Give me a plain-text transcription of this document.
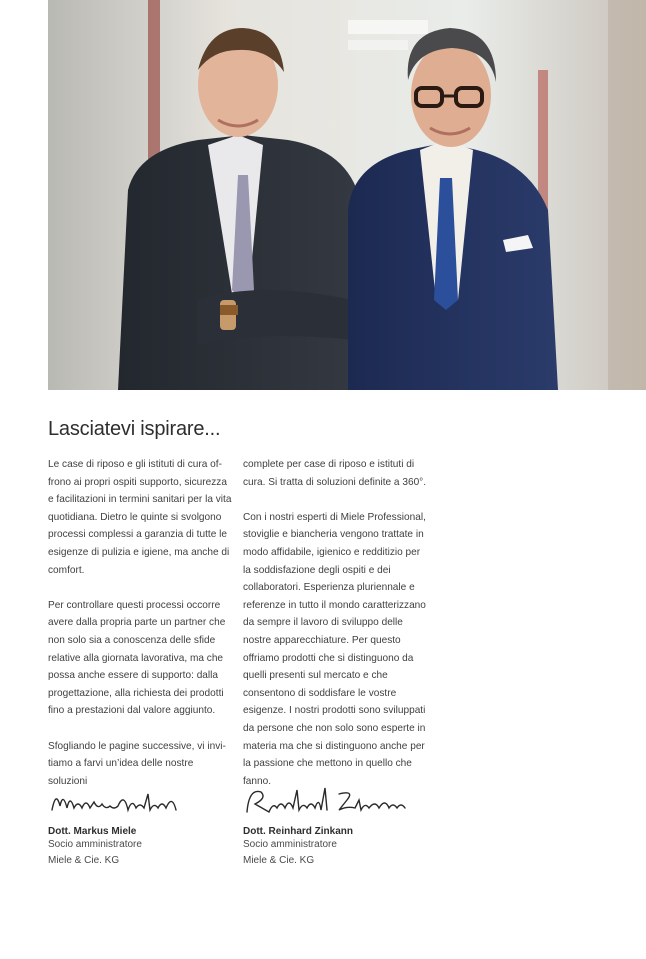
Lasciatevi ispirare...

Le case di riposo e gli istituti di cura offrono ai propri ospiti supporto, sicurezza e facilitazioni in termini sanitari per la vita quotidiana. Dietro le quinte si svolgono processi complessi a garanzia di tutte le esigenze di pulizia e igiene, ma anche di comfort.

Per controllare questi processi occorre avere dalla propria parte un partner che non solo sia a conoscenza delle sfide relative alla giornata lavorativa, ma che possa anche essere di supporto: dalla progettazione, alla richiesta dei prodotti fino a prestazioni dal valore aggiunto.

Sfogliando le pagine successive, vi invitiamo a farvi un’idea delle nostre soluzioni

complete per case di riposo e istituti di cura. Si tratta di soluzioni definite a 360°.

Con i nostri esperti di Miele Professional, stoviglie e biancheria vengono trattate in modo affidabile, igienico e redditizio per la soddisfazione degli ospiti e dei collaboratori. Esperienza pluriennale e referenze in tutto il mondo caratterizzano da sempre il lavoro di sviluppo delle nostre apparecchiature. Per questo offriamo prodotti che si distinguono da quelli presenti sul mercato e che consentono di soddisfare le vostre esigenze. I nostri prodotti sono sviluppati da persone che non solo sono esperte in materia ma che si distinguono anche per la passione che mettono in quello che fanno.

Dott. Markus Miele
Socio amministratore
Miele & Cie. KG
Dott. Reinhard Zinkann
Socio amministratore
Miele & Cie. KG
